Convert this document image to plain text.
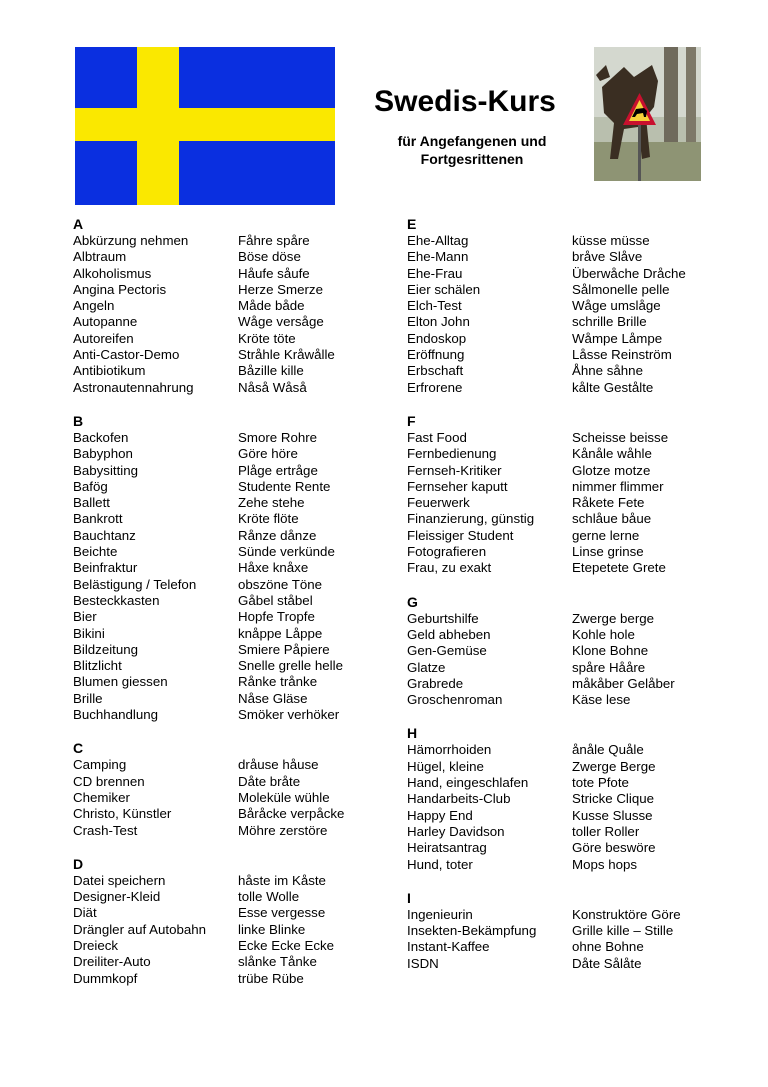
Swedis-Kurs
für Angefangenen und Fortgesrittenen
A
Abkürzung nehmen	Fåhre spåre
Albtraum	Böse döse
Alkoholismus	Håufe såufe
Angina Pectoris	Herze Smerze
Angeln	Måde både
Autopanne	Wåge versåge
Autoreifen	Kröte töte
Anti-Castor-Demo	Stråhle Kråwålle
Antibiotikum	Båzille kille
Astronautennahrung	Nåså Wåså
B
Backofen	Smore Rohre
Babyphon	Göre höre
Babysitting	Plåge ertråge
Bafög	Studente Rente
Ballett	Zehe stehe
Bankrott	Kröte flöte
Bauchtanz	Rånze dånze
Beichte	Sünde verkünde
Beinfraktur	Håxe knåxe
Belästigung / Telefon	obszöne Töne
Besteckkasten	Gåbel ståbel
Bier	Hopfe Tropfe
Bikini	knåppe Låppe
Bildzeitung	Smiere Påpiere
Blitzlicht	Snelle grelle helle
Blumen giessen	Rånke trånke
Brille	Nåse Gläse
Buchhandlung	Smöker verhöker
C
Camping	dråuse håuse
CD brennen	Dåte bråte
Chemiker	Moleküle wühle
Christo, Künstler	Båråcke verpåcke
Crash-Test	Möhre zerstöre
D
Datei speichern	håste im Kåste
Designer-Kleid	tolle Wolle
Diät	Esse vergesse
Drängler auf Autobahn	linke Blinke
Dreieck	Ecke Ecke Ecke
Dreiliter-Auto	slånke Tånke
Dummkopf	trübe Rübe
E
Ehe-Alltag	küsse müsse
Ehe-Mann	bråve Slåve
Ehe-Frau	Überwåche Dråche
Eier schälen	Sålmonelle pelle
Elch-Test	Wåge umslåge
Elton John	schrille Brille
Endoskop	Wåmpe Låmpe
Eröffnung	Låsse Reinström
Erbschaft	Åhne såhne
Erfrorene	kålte Gestålte
F
Fast Food	Scheisse beisse
Fernbedienung	Kånåle wåhle
Fernseh-Kritiker	Glotze motze
Fernseher kaputt	nimmer flimmer
Feuerwerk	Råkete Fete
Finanzierung, günstig	schlåue båue
Fleissiger Student	gerne lerne
Fotografieren	Linse grinse
Frau, zu exakt	Etepetete Grete
G
Geburtshilfe	Zwerge berge
Geld abheben	Kohle hole
Gen-Gemüse	Klone Bohne
Glatze	spåre Hååre
Grabrede	måkåber Gelåber
Groschenroman	Käse lese
H
Hämorrhoiden	ånåle Quåle
Hügel, kleine	Zwerge Berge
Hand, eingeschlafen	tote Pfote
Handarbeits-Club	Stricke Clique
Happy End	Kusse Slusse
Harley Davidson	toller Roller
Heiratsantrag	Göre beswöre
Hund, toter	Mops hops
I
Ingenieurin	Konstruktöre Göre
Insekten-Bekämpfung	Grille kille – Stille
Instant-Kaffee	ohne Bohne
ISDN	Dåte Sålåte
